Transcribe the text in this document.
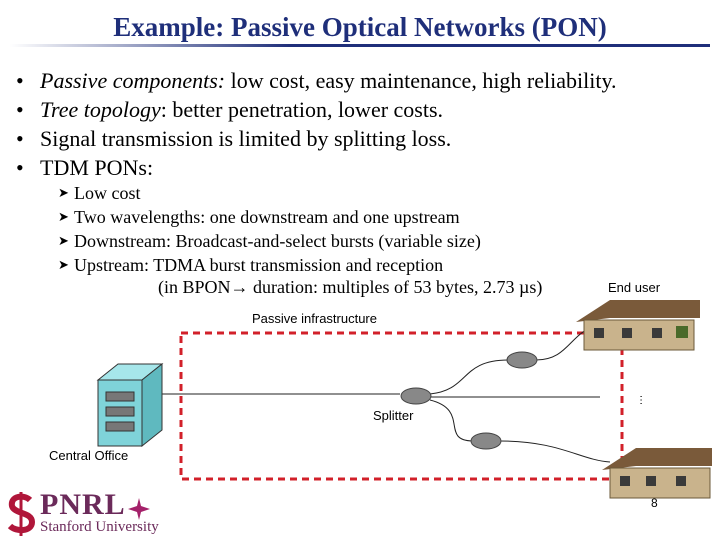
Example: Passive Optical Networks (PON)
• Passive components: low cost, easy maintenance, high reliability.
• Tree topology: better penetration, lower costs.
• Signal transmission is limited by splitting loss.
• TDM PONs:
➤ Low cost
➤ Two wavelengths: one downstream and one upstream
➤ Downstream: Broadcast-and-select bursts (variable size)
➤ Upstream: TDMA burst transmission and reception
(in BPON→ duration: multiples of 53 bytes, 2.73 µs)	End user
Passive infrastructure
Splitter
Central Office
…
PNRL
Stanford University
8
